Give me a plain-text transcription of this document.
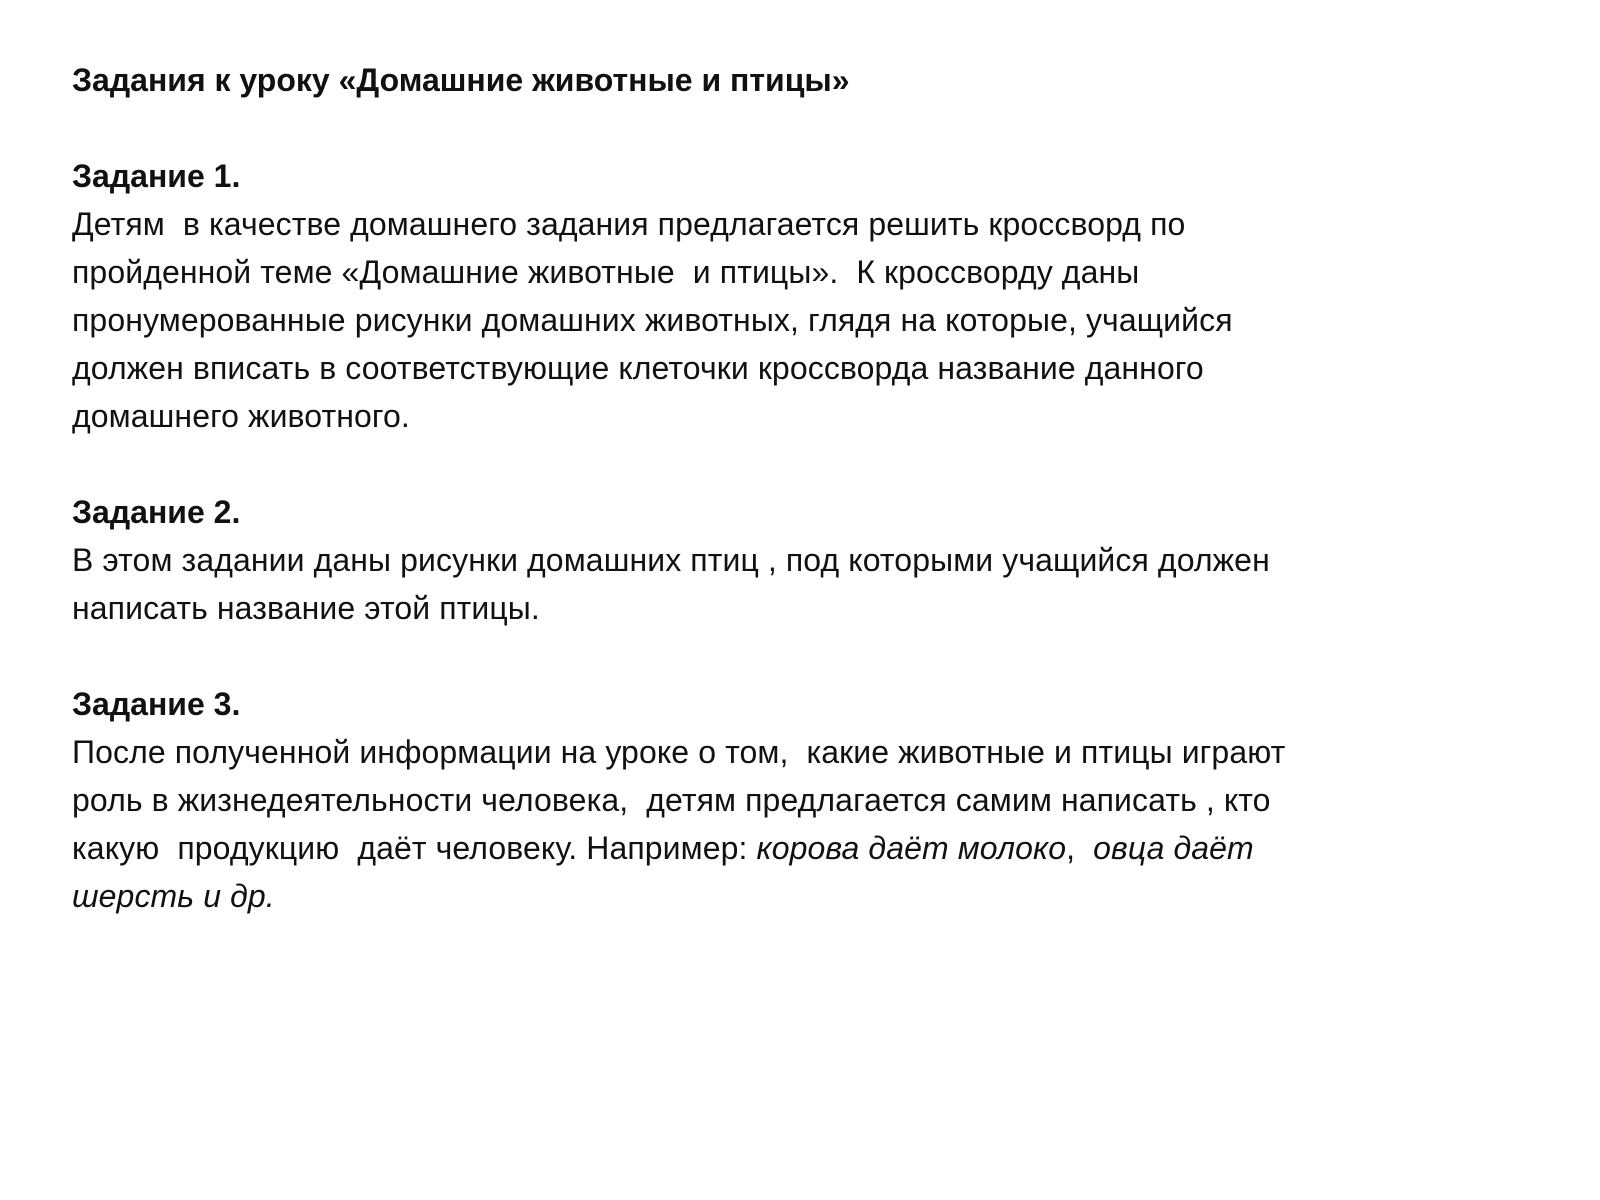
Задания к уроку «Домашние животные и птицы»
Задание 1.
Детям  в качестве домашнего задания предлагается решить кроссворд по
пройденной теме «Домашние животные  и птицы».  К кроссворду даны
пронумерованные рисунки домашних животных, глядя на которые, учащийся
должен вписать в соответствующие клеточки кроссворда название данного
домашнего животного.
Задание 2.
В этом задании даны рисунки домашних птиц , под которыми учащийся должен
написать название этой птицы.
Задание 3.
После полученной информации на уроке о том,  какие животные и птицы играют
роль в жизнедеятельности человека,  детям предлагается самим написать , кто
какую  продукцию  даёт человеку. Например: корова даёт молоко,  овца даёт
шерсть и др.
